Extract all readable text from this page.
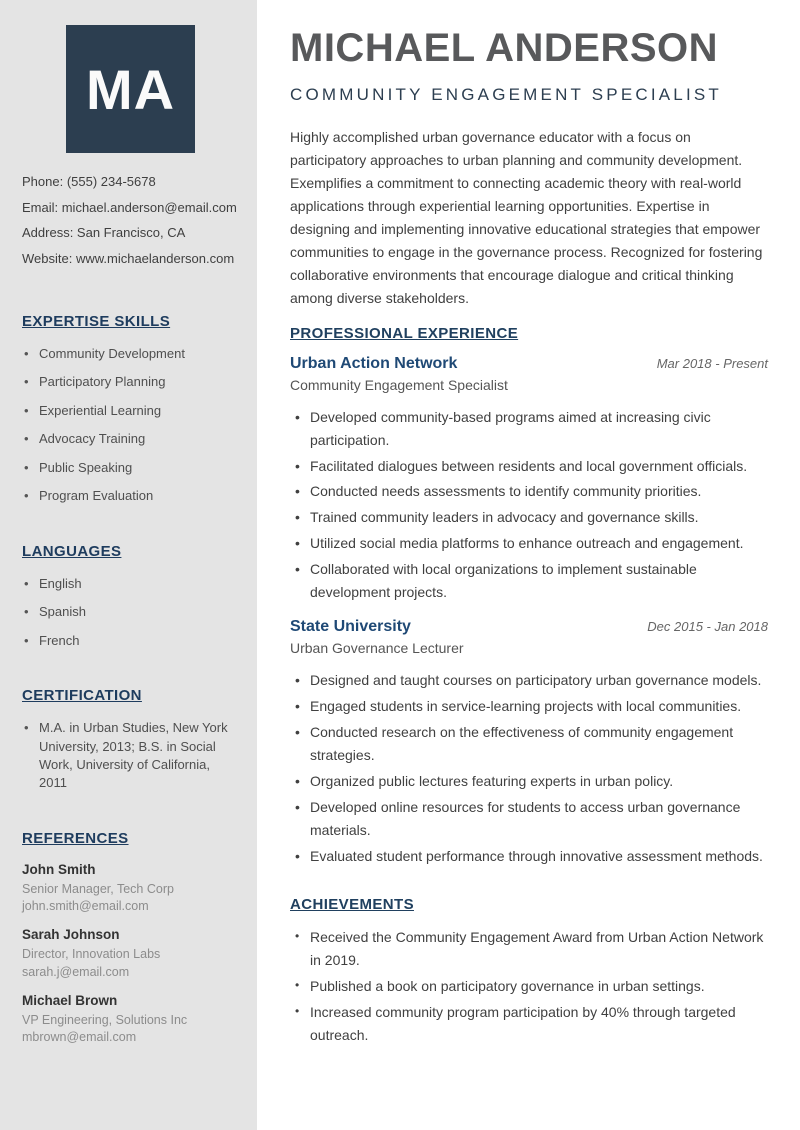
MA
Phone: (555) 234-5678
Email: michael.anderson@email.com
Address: San Francisco, CA
Website: www.michaelanderson.com
EXPERTISE SKILLS
• Community Development
• Participatory Planning
• Experiential Learning
• Advocacy Training
• Public Speaking
• Program Evaluation
LANGUAGES
• English
• Spanish
• French
CERTIFICATION
• M.A. in Urban Studies, New York University, 2013; B.S. in Social Work, University of California, 2011
REFERENCES
John Smith
Senior Manager, Tech Corp
john.smith@email.com
Sarah Johnson
Director, Innovation Labs
sarah.j@email.com
Michael Brown
VP Engineering, Solutions Inc
mbrown@email.com
MICHAEL ANDERSON
COMMUNITY ENGAGEMENT SPECIALIST

Highly accomplished urban governance educator with a focus on participatory approaches to urban planning and community development. Exemplifies a commitment to connecting academic theory with real-world applications through experiential learning opportunities. Expertise in designing and implementing innovative educational strategies that empower communities to engage in the governance process. Recognized for fostering collaborative environments that encourage dialogue and critical thinking among diverse stakeholders.

PROFESSIONAL EXPERIENCE
Urban Action Network	Mar 2018 - Present
Community Engagement Specialist
• Developed community-based programs aimed at increasing civic participation.
• Facilitated dialogues between residents and local government officials.
• Conducted needs assessments to identify community priorities.
• Trained community leaders in advocacy and governance skills.
• Utilized social media platforms to enhance outreach and engagement.
• Collaborated with local organizations to implement sustainable development projects.
State University	Dec 2015 - Jan 2018
Urban Governance Lecturer
• Designed and taught courses on participatory urban governance models.
• Engaged students in service-learning projects with local communities.
• Conducted research on the effectiveness of community engagement strategies.
• Organized public lectures featuring experts in urban policy.
• Developed online resources for students to access urban governance materials.
• Evaluated student performance through innovative assessment methods.
ACHIEVEMENTS
• Received the Community Engagement Award from Urban Action Network in 2019.
• Published a book on participatory governance in urban settings.
• Increased community program participation by 40% through targeted outreach.
